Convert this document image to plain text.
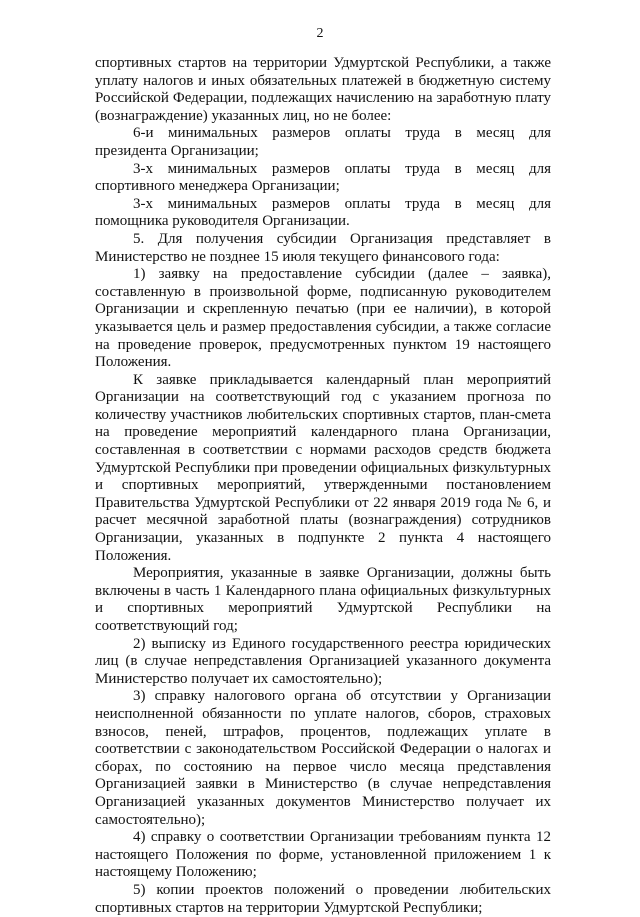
2

спортивных стартов на территории Удмуртской Республики, а также уплату налогов и иных обязательных платежей в бюджетную систему Российской Федерации, подлежащих начислению на заработную плату (вознаграждение) указанных лиц, но не более:

6-и минимальных размеров оплаты труда в месяц для президента Организации;

3-х минимальных размеров оплаты труда в месяц для спортивного менеджера Организации;

3-х минимальных размеров оплаты труда в месяц для помощника руководителя Организации.

5. Для получения субсидии Организация представляет в Министерство не позднее 15 июля текущего финансового года:

1) заявку на предоставление субсидии (далее – заявка), составленную в произвольной форме, подписанную руководителем Организации и скрепленную печатью (при ее наличии), в которой указывается цель и размер предоставления субсидии, а также согласие на проведение проверок, предусмотренных пунктом 19 настоящего Положения.

К заявке прикладывается календарный план мероприятий Организации на соответствующий год с указанием прогноза по количеству участников любительских спортивных стартов, план-смета на проведение мероприятий календарного плана Организации, составленная в соответствии с нормами расходов средств бюджета Удмуртской Республики при проведении официальных физкультурных и спортивных мероприятий, утвержденными постановлением Правительства Удмуртской Республики от 22 января 2019 года № 6, и расчет месячной заработной платы (вознаграждения) сотрудников Организации, указанных в подпункте 2 пункта 4 настоящего Положения.

Мероприятия, указанные в заявке Организации, должны быть включены в часть 1 Календарного плана официальных физкультурных и спортивных мероприятий Удмуртской Республики на соответствующий год;

2) выписку из Единого государственного реестра юридических лиц (в случае непредставления Организацией указанного документа Министерство получает их самостоятельно);

3) справку налогового органа об отсутствии у Организации неисполненной обязанности по уплате налогов, сборов, страховых взносов, пеней, штрафов, процентов, подлежащих уплате в соответствии с законодательством Российской Федерации о налогах и сборах, по состоянию на первое число месяца представления Организацией заявки в Министерство (в случае непредставления Организацией указанных документов Министерство получает их самостоятельно);

4) справку о соответствии Организации требованиям пункта 12 настоящего Положения по форме, установленной приложением 1 к настоящему Положению;

5) копии проектов положений о проведении любительских спортивных стартов на территории Удмуртской Республики;
